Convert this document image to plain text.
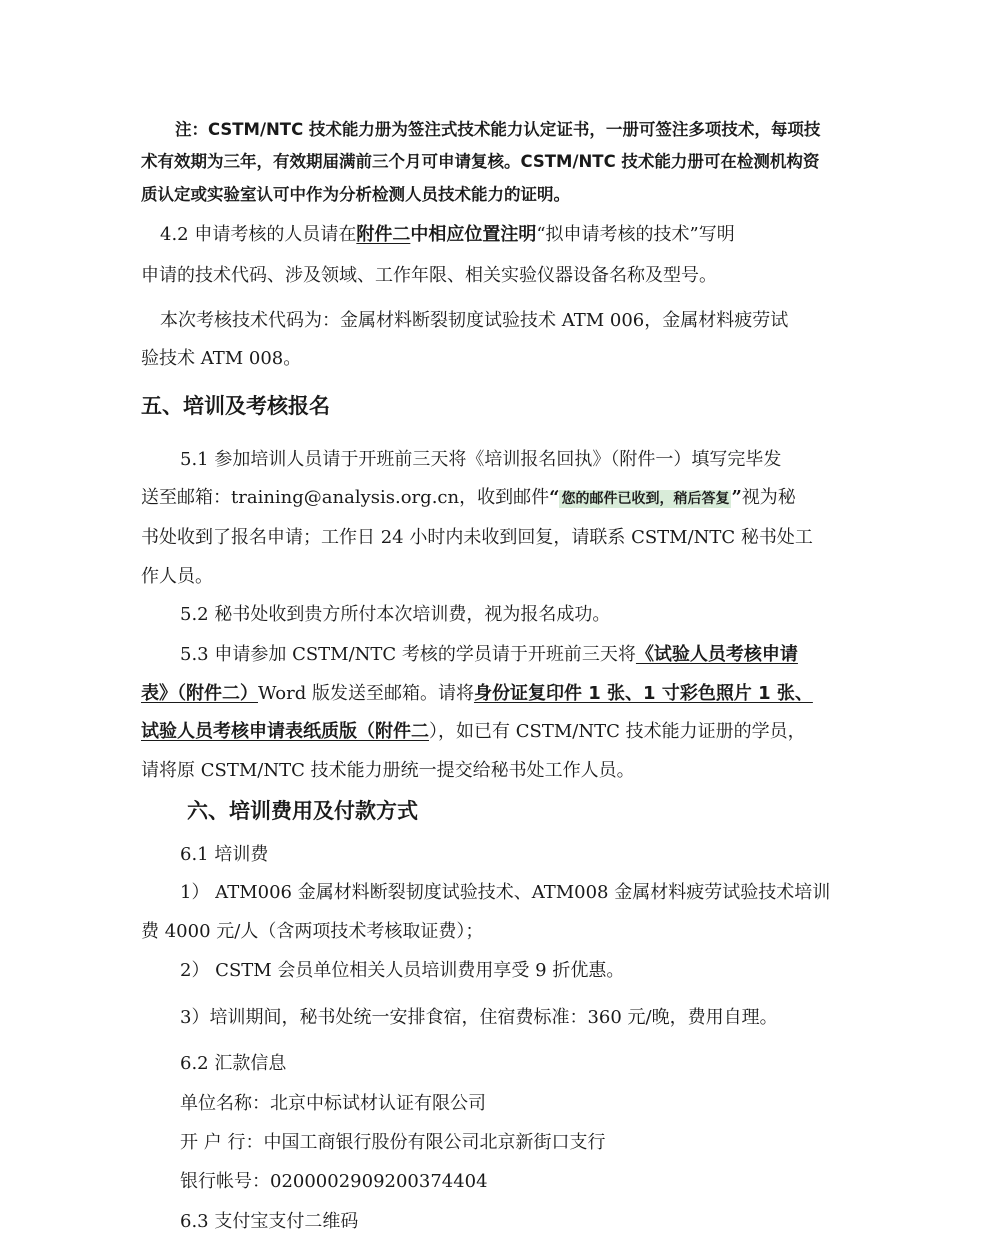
注：CSTM/NTC 技术能力册为签注式技术能力认定证书，一册可签注多项技术，每项技
术有效期为三年，有效期届满前三个月可申请复核。CSTM/NTC 技术能力册可在检测机构资
质认定或实验室认可中作为分析检测人员技术能力的证明。
4.2 申请考核的人员请在附件二中相应位置注明“拟申请考核的技术”写明
申请的技术代码、涉及领域、工作年限、相关实验仪器设备名称及型号。
本次考核技术代码为：金属材料断裂韧度试验技术 ATM 006，金属材料疲劳试
验技术 ATM 008。
五、培训及考核报名
5.1 参加培训人员请于开班前三天将《培训报名回执》（附件一）填写完毕发
送至邮箱：training@analysis.org.cn，收到邮件“ 您的邮件已收到，稍后答复 ”视为秘
书处收到了报名申请；工作日 24 小时内未收到回复，请联系 CSTM/NTC 秘书处工
作人员。
5.2 秘书处收到贵方所付本次培训费，视为报名成功。
5.3 申请参加 CSTM/NTC 考核的学员请于开班前三天将《试验人员考核申请
表》（附件二）Word 版发送至邮箱。请将身份证复印件 1 张、1 寸彩色照片 1 张、
试验人员考核申请表纸质版（附件二），如已有 CSTM/NTC 技术能力证册的学员，
请将原 CSTM/NTC 技术能力册统一提交给秘书处工作人员。
六、培训费用及付款方式
6.1 培训费
1） ATM006 金属材料断裂韧度试验技术、ATM008 金属材料疲劳试验技术培训
费 4000 元/人（含两项技术考核取证费）；
2） CSTM 会员单位相关人员培训费用享受 9 折优惠。
3）培训期间，秘书处统一安排食宿，住宿费标准：360 元/晚，费用自理。
6.2 汇款信息
单位名称：北京中标试材认证有限公司
开 户 行：中国工商银行股份有限公司北京新街口支行
银行帐号：0200002909200374404
6.3 支付宝支付二维码
